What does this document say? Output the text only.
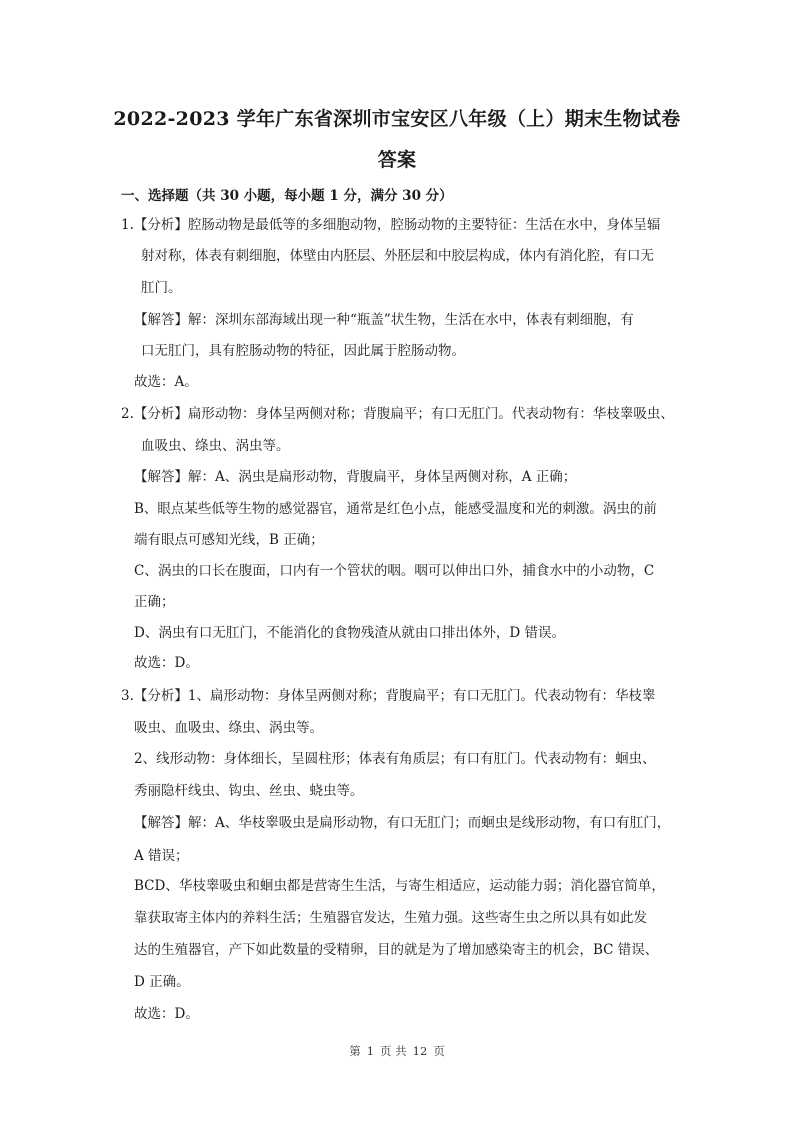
2022-2023 学年广东省深圳市宝安区八年级（上）期末生物试卷
答案
一、选择题（共 30 小题，每小题 1 分，满分 30 分）
1.【分析】腔肠动物是最低等的多细胞动物，腔肠动物的主要特征：生活在水中，身体呈辐
射对称，体表有刺细胞，体壁由内胚层、外胚层和中胶层构成，体内有消化腔，有口无
肛门。
【解答】解：深圳东部海域出现一种“瓶盖”状生物，生活在水中，体表有刺细胞，有
口无肛门，具有腔肠动物的特征，因此属于腔肠动物。
故选：A。
2.【分析】扁形动物：身体呈两侧对称；背腹扁平；有口无肛门。代表动物有：华枝睾吸虫、
血吸虫、绦虫、涡虫等。
【解答】解：A、涡虫是扁形动物，背腹扁平，身体呈两侧对称，A 正确；
B、眼点某些低等生物的感觉器官，通常是红色小点，能感受温度和光的刺激。涡虫的前
端有眼点可感知光线，B 正确；
C、涡虫的口长在腹面，口内有一个管状的咽。咽可以伸出口外，捕食水中的小动物，C
正确；
D、涡虫有口无肛门，不能消化的食物残渣从就由口排出体外，D 错误。
故选：D。
3.【分析】1、扁形动物：身体呈两侧对称；背腹扁平；有口无肛门。代表动物有：华枝睾
吸虫、血吸虫、绦虫、涡虫等。
2、线形动物：身体细长，呈圆柱形；体表有角质层；有口有肛门。代表动物有：蛔虫、
秀丽隐杆线虫、钩虫、丝虫、蛲虫等。
【解答】解：A、华枝睾吸虫是扁形动物，有口无肛门；而蛔虫是线形动物，有口有肛门，
A 错误；
BCD、华枝睾吸虫和蛔虫都是营寄生生活，与寄生相适应，运动能力弱；消化器官简单，
靠获取寄主体内的养料生活；生殖器官发达，生殖力强。这些寄生虫之所以具有如此发
达的生殖器官，产下如此数量的受精卵，目的就是为了增加感染寄主的机会，BC 错误、
D 正确。
故选：D。
第 1 页 共 12 页
